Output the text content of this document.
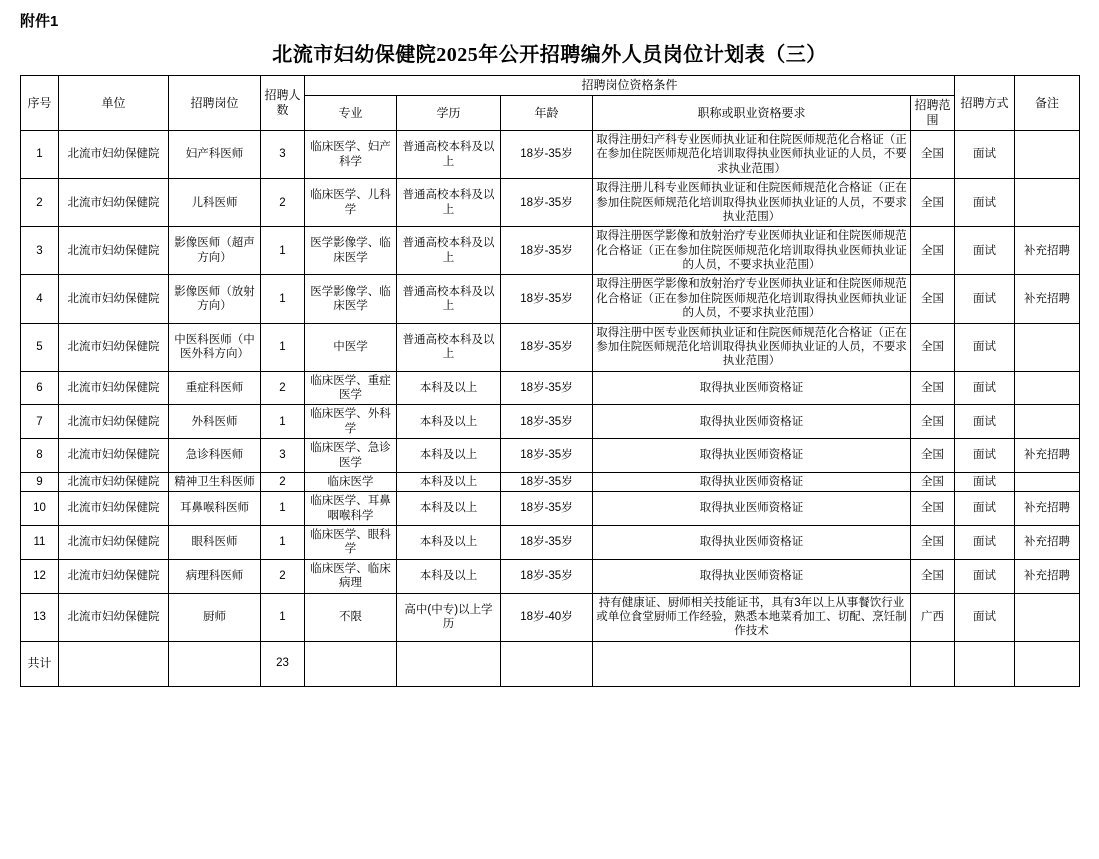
附件1
北流市妇幼保健院2025年公开招聘编外人员岗位计划表（三）
序号	单位	招聘岗位	招聘人数	招聘岗位资格条件					招聘方式	备注
				专业	学历	年龄	职称或职业资格要求	招聘范围		
1	北流市妇幼保健院	妇产科医师	3	临床医学、妇产科学	普通高校本科及以上	18岁-35岁	取得注册妇产科专业医师执业证和住院医师规范化合格证（正在参加住院医师规范化培训取得执业医师执业证的人员，不要求执业范围）	全国	面试	
2	北流市妇幼保健院	儿科医师	2	临床医学、儿科学	普通高校本科及以上	18岁-35岁	取得注册儿科专业医师执业证和住院医师规范化合格证（正在参加住院医师规范化培训取得执业医师执业证的人员，不要求执业范围）	全国	面试	
3	北流市妇幼保健院	影像医师（超声方向）	1	医学影像学、临床医学	普通高校本科及以上	18岁-35岁	取得注册医学影像和放射治疗专业医师执业证和住院医师规范化合格证（正在参加住院医师规范化培训取得执业医师执业证的人员，不要求执业范围）	全国	面试	补充招聘
4	北流市妇幼保健院	影像医师（放射方向）	1	医学影像学、临床医学	普通高校本科及以上	18岁-35岁	取得注册医学影像和放射治疗专业医师执业证和住院医师规范化合格证（正在参加住院医师规范化培训取得执业医师执业证的人员，不要求执业范围）	全国	面试	补充招聘
5	北流市妇幼保健院	中医科医师（中医外科方向）	1	中医学	普通高校本科及以上	18岁-35岁	取得注册中医专业医师执业证和住院医师规范化合格证（正在参加住院医师规范化培训取得执业医师执业证的人员，不要求执业范围）	全国	面试	
6	北流市妇幼保健院	重症科医师	2	临床医学、重症医学	本科及以上	18岁-35岁	取得执业医师资格证	全国	面试	
7	北流市妇幼保健院	外科医师	1	临床医学、外科学	本科及以上	18岁-35岁	取得执业医师资格证	全国	面试	
8	北流市妇幼保健院	急诊科医师	3	临床医学、急诊医学	本科及以上	18岁-35岁	取得执业医师资格证	全国	面试	补充招聘
9	北流市妇幼保健院	精神卫生科医师	2	临床医学	本科及以上	18岁-35岁	取得执业医师资格证	全国	面试	
10	北流市妇幼保健院	耳鼻喉科医师	1	临床医学、耳鼻咽喉科学	本科及以上	18岁-35岁	取得执业医师资格证	全国	面试	补充招聘
11	北流市妇幼保健院	眼科医师	1	临床医学、眼科学	本科及以上	18岁-35岁	取得执业医师资格证	全国	面试	补充招聘
12	北流市妇幼保健院	病理科医师	2	临床医学、临床病理	本科及以上	18岁-35岁	取得执业医师资格证	全国	面试	补充招聘
13	北流市妇幼保健院	厨师	1	不限	高中(中专)以上学历	18岁-40岁	持有健康证、厨师相关技能证书，具有3年以上从事餐饮行业或单位食堂厨师工作经验，熟悉本地菜肴加工、切配、烹饪制作技术	广西	面试	
共计			23							
